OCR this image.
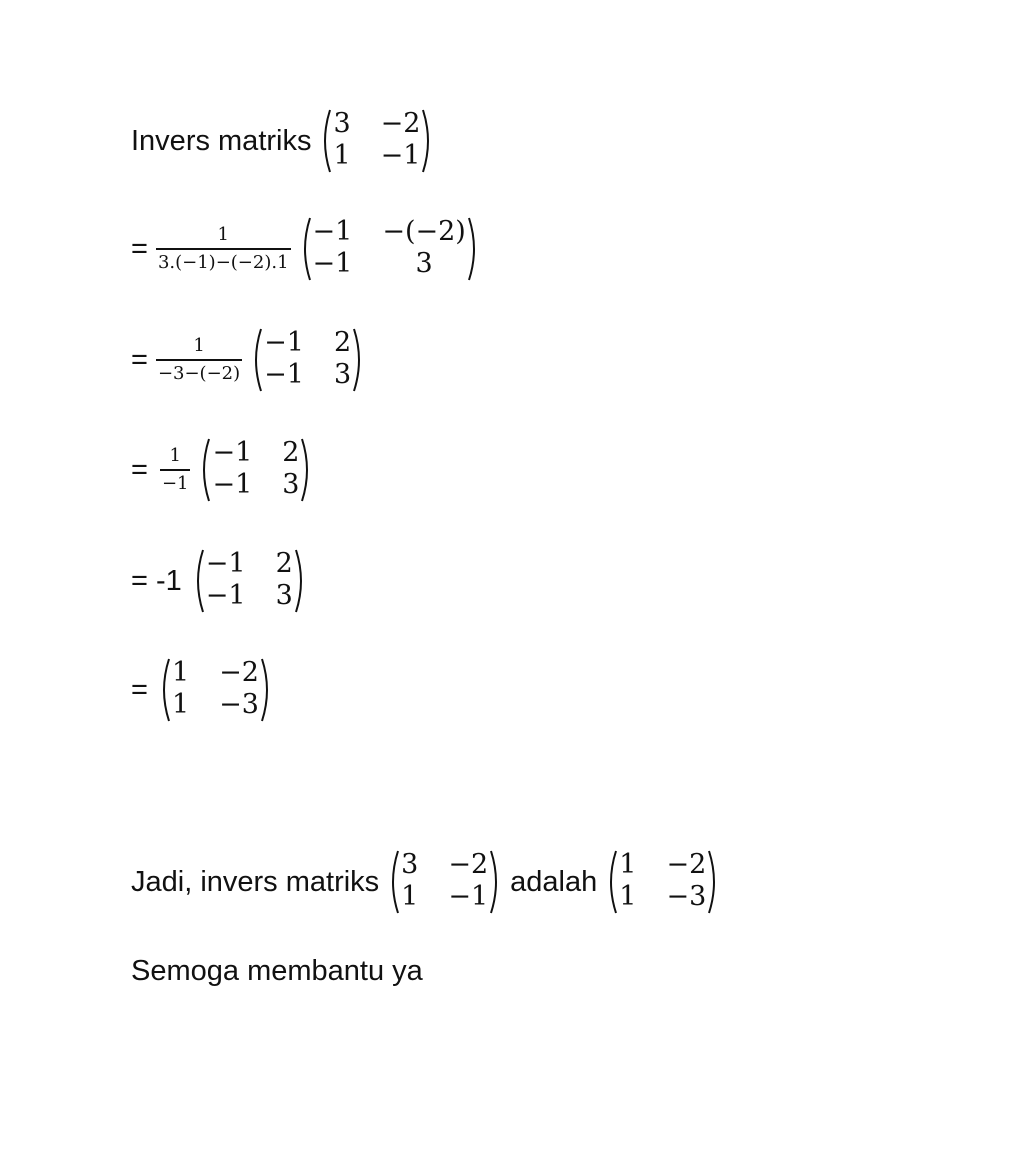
Invers matriks
3 −2
1 −1
= $\frac{1}{3.(-1)-(-2).1} -1 -(-2)$
−1	3
= $\frac{1}{-3-(-2)} -1$ 2
−1 3
= $\frac{1}{-1} -1$ 2
−1 3
= -1
−1 2
−1 3
=
1 −2
1 −3
Jadi, invers matriks
3 −2
1 −1 adalah
1 −2
1 −3
Semoga membantu ya
